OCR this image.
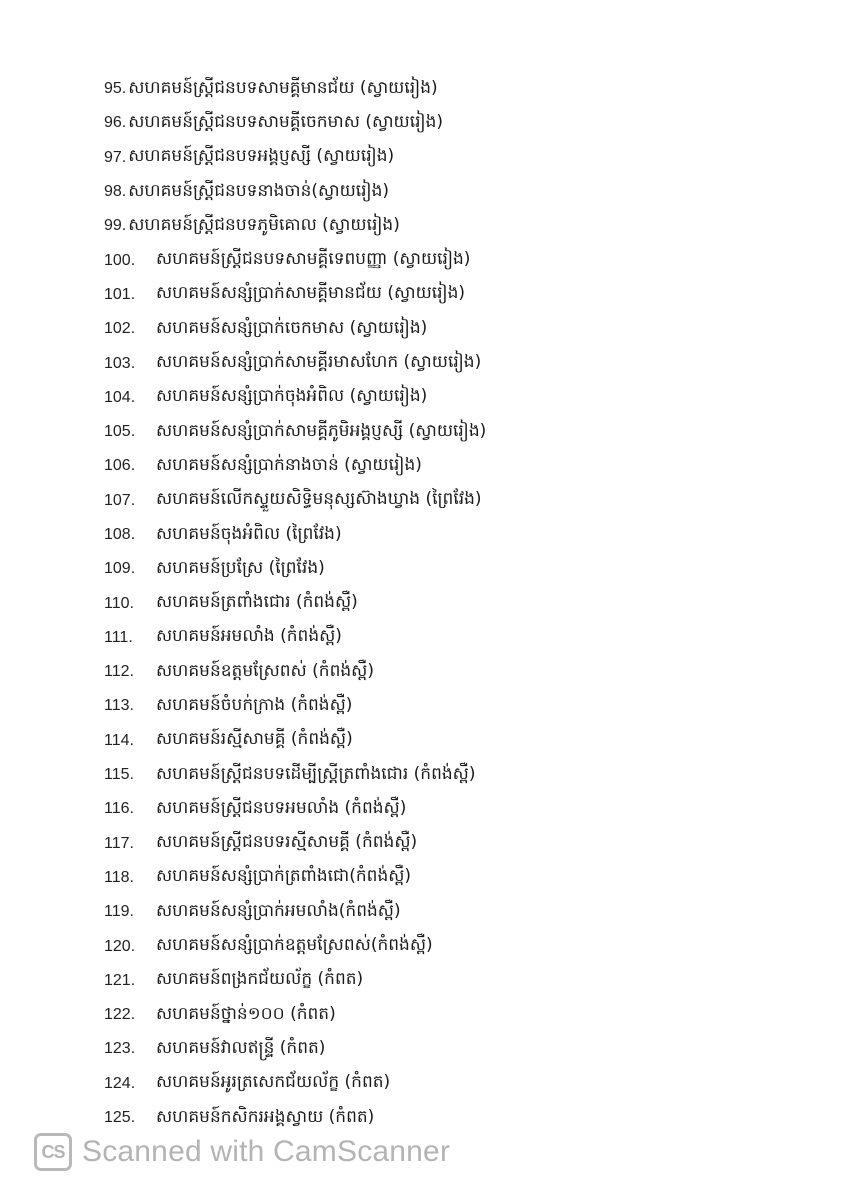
95. សហគមន៍ស្ត្រីជនបទសាមគ្គីមានជ័យ (ស្វាយរៀង)
96. សហគមន៍ស្ត្រីជនបទសាមគ្គីចេកមាស (ស្វាយរៀង)
97. សហគមន៍ស្ត្រីជនបទអង្គប្ញស្សី (ស្វាយរៀង)
98. សហគមន៍ស្ត្រីជនបទនាងចាន់(ស្វាយរៀង)
99. សហគមន៍ស្ត្រីជនបទភូមិគោល (ស្វាយរៀង)
100.	សហគមន៍ស្ត្រីជនបទសាមគ្គីទេពបញ្ញា (ស្វាយរៀង)
101.	សហគមន៍សន្សំប្រាក់សាមគ្គីមានជ័យ (ស្វាយរៀង)
102.	សហគមន៍សន្សំប្រាក់ចេកមាស (ស្វាយរៀង)
103.	សហគមន៍សន្សំប្រាក់សាមគ្គីរមាសហែក (ស្វាយរៀង)
104.	សហគមន៍សន្សំប្រាក់ចុងអំពិល (ស្វាយរៀង)
105.	សហគមន៍សន្សំប្រាក់សាមគ្គីភូមិអង្គប្ញស្សី (ស្វាយរៀង)
106.	សហគមន៍សន្សំប្រាក់នាងចាន់ (ស្វាយរៀង)
107.	សហគមន៍លើកស្ទួយសិទ្ធិមនុស្សស៊ាងឃ្វាង (ព្រៃវែង)
108.	សហគមន៍ចុងអំពិល (ព្រៃវែង)
109.	សហគមន៍ប្រស្រែ (ព្រៃវែង)
110.	សហគមន៍ត្រពាំងជោរ (កំពង់ស្ពឺ)
111.	សហគមន៍អមលាំង (កំពង់ស្ពឺ)
112.	សហគមន៍ឧត្តមស្រែពស់ (កំពង់ស្ពឺ)
113.	សហគមន៍ចំបក់ក្រាង (កំពង់ស្ពឺ)
114.	សហគមន៍រស្មីសាមគ្គី (កំពង់ស្ពឺ)
115.	សហគមន៍ស្ត្រីជនបទដើម្បីស្ត្រីត្រពាំងជោរ (កំពង់ស្ពឺ)
116.	សហគមន៍ស្ត្រីជនបទអមលាំង (កំពង់ស្ពឺ)
117.	សហគមន៍ស្ត្រីជនបទរស្មីសាមគ្គី (កំពង់ស្ពឺ)
118.	សហគមន៍សន្សំប្រាក់ត្រពាំងជោ(កំពង់ស្ពឺ)
119.	សហគមន៍សន្សំប្រាក់អមលាំង(កំពង់ស្ពឺ)
120.	សហគមន៍សន្សំប្រាក់ឧត្តមស្រែពស់(កំពង់ស្ពឺ)
121.	សហគមន៍ពង្រកជ័យល័ក្ខ (កំពត)
122.	សហគមន៍ថ្នាន់១០០ (កំពត)
123.	សហគមន៍វាលឥន្ទ្រី (កំពត)
124.	សហគមន៍អូរត្រសេកជ័យល័ក្ខ (កំពត)
125.	សហគមន៍កសិករអង្គស្វាយ (កំពត)
CS Scanned with CamScanner
